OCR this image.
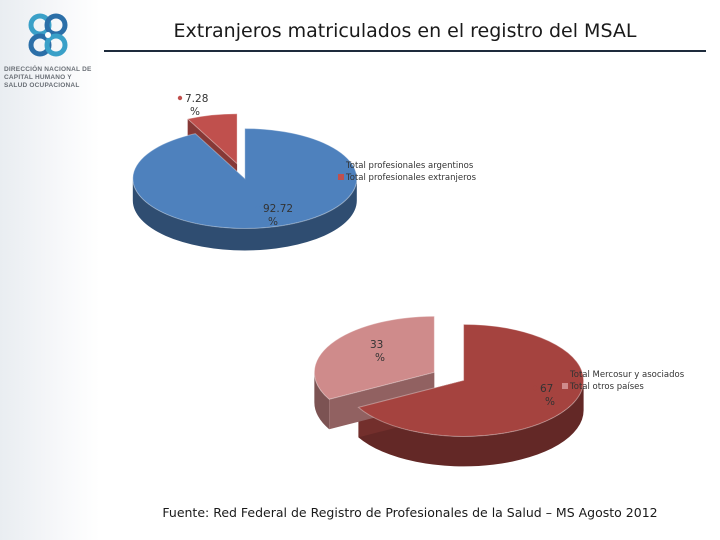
DIRECCIÓN NACIONAL DE
CAPITAL HUMANO Y
SALUD OCUPACIONAL
Extranjeros matriculados en el registro del MSAL
92.72
%
7.28
%
Total profesionales argentinos
Total profesionales extranjeros
67
%
33
%
Total Mercosur y asociados
Total otros países
Fuente: Red Federal de Registro de Profesionales de la Salud – MS Agosto 2012
